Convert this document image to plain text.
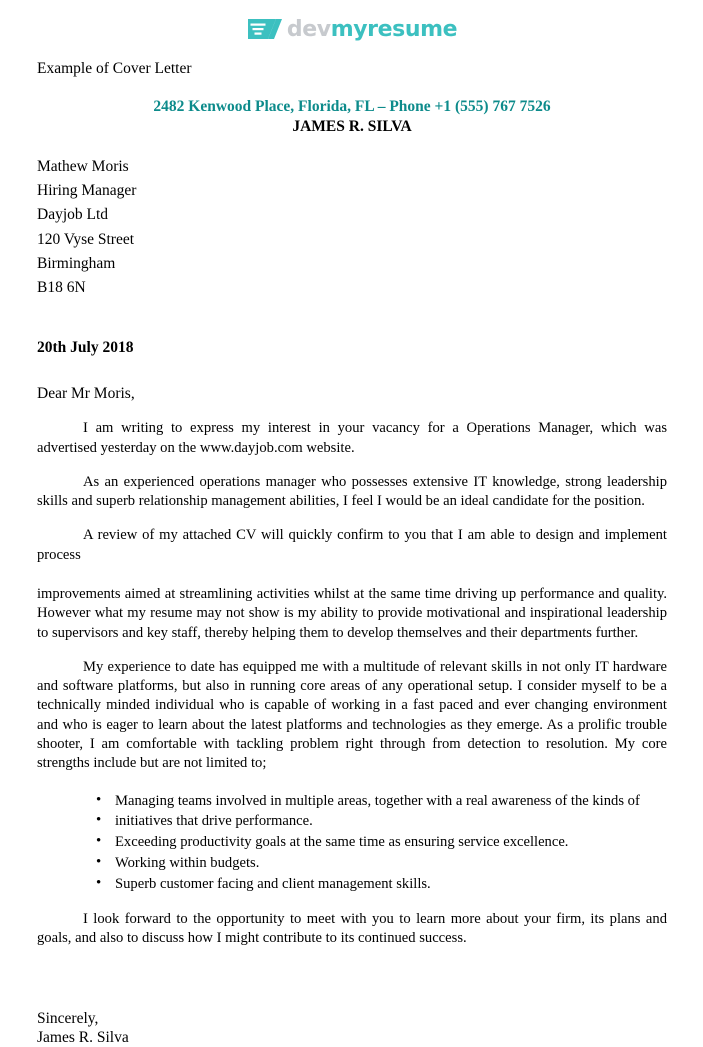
devmyresume
Example of Cover Letter
2482 Kenwood Place, Florida, FL – Phone +1 (555) 767 7526
JAMES R. SILVA
Mathew Moris
Hiring Manager
Dayjob Ltd
120 Vyse Street
Birmingham
B18 6N
20th July 2018
Dear Mr Moris,

I am writing to express my interest in your vacancy for a Operations Manager, which was advertised yesterday on the www.dayjob.com website.

As an experienced operations manager who possesses extensive IT knowledge, strong leadership skills and superb relationship management abilities, I feel I would be an ideal candidate for the position.

A review of my attached CV will quickly confirm to you that I am able to design and implement process

improvements aimed at streamlining activities whilst at the same time driving up performance and quality. However what my resume may not show is my ability to provide motivational and inspirational leadership to supervisors and key staff, thereby helping them to develop themselves and their departments further.

My experience to date has equipped me with a multitude of relevant skills in not only IT hardware and software platforms, but also in running core areas of any operational setup. I consider myself to be a technically minded individual who is capable of working in a fast paced and ever changing environment and who is eager to learn about the latest platforms and technologies as they emerge. As a prolific trouble shooter, I am comfortable with tackling problem right through from detection to resolution. My core strengths include but are not limited to;

• Managing teams involved in multiple areas, together with a real awareness of the kinds of
• initiatives that drive performance.
• Exceeding productivity goals at the same time as ensuring service excellence.
• Working within budgets.
• Superb customer facing and client management skills.

I look forward to the opportunity to meet with you to learn more about your firm, its plans and goals, and also to discuss how I might contribute to its continued success.

Sincerely,
James R. Silva
